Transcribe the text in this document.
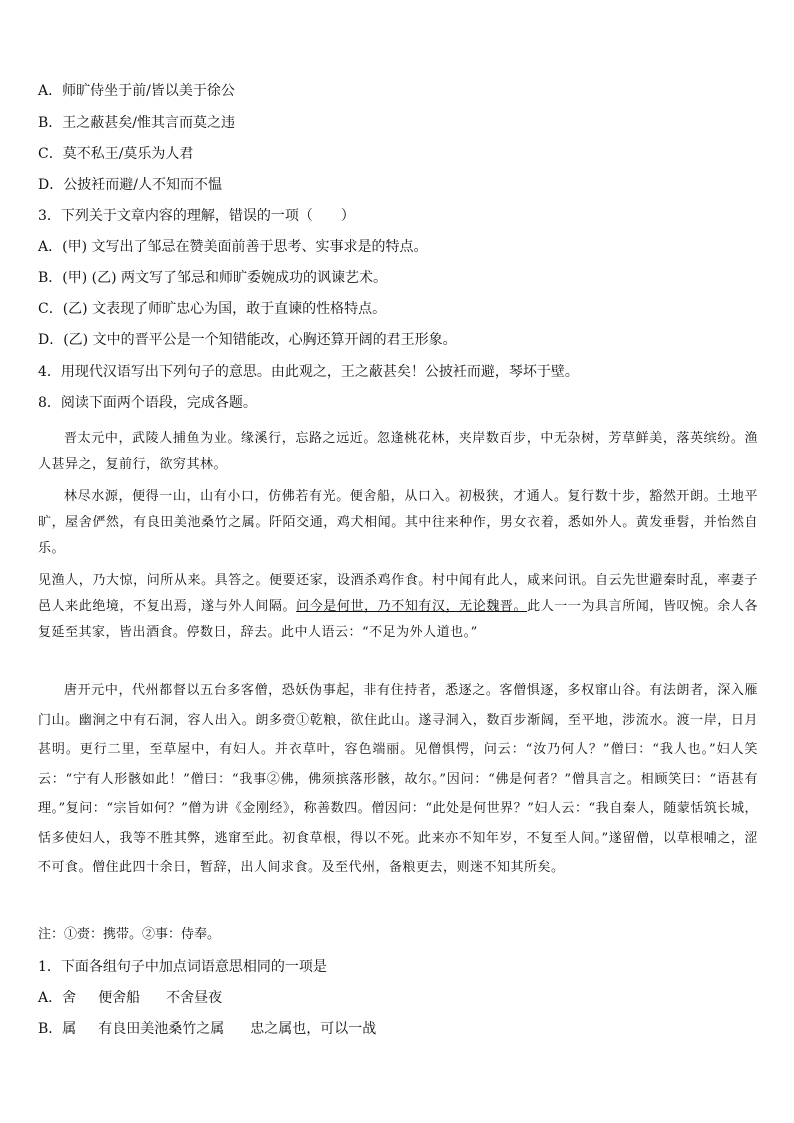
A．师旷侍坐于前/皆以美于徐公
B．王之蔽甚矣/惟其言而莫之违
C．莫不私王/莫乐为人君
D．公披衽而避/人不知而不愠
3．下列关于文章内容的理解，错误的一项（　　）
A．(甲) 文写出了邹忌在赞美面前善于思考、实事求是的特点。
B．(甲) (乙) 两文写了邹忌和师旷委婉成功的讽谏艺术。
C．(乙) 文表现了师旷忠心为国，敢于直谏的性格特点。
D．(乙) 文中的晋平公是一个知错能改，心胸还算开阔的君王形象。
4．用现代汉语写出下列句子的意思。由此观之，王之蔽甚矣！公披衽而避，琴坏于壁。
8．阅读下面两个语段，完成各题。

晋太元中，武陵人捕鱼为业。缘溪行，忘路之远近。忽逢桃花林，夹岸数百步，中无杂树，芳草鲜美，落英缤纷。渔人甚异之，复前行，欲穷其林。

林尽水源，便得一山，山有小口，仿佛若有光。便舍船，从口入。初极狭，才通人。复行数十步，豁然开朗。土地平旷，屋舍俨然，有良田美池桑竹之属。阡陌交通，鸡犬相闻。其中往来种作，男女衣着，悉如外人。黄发垂髫，并怡然自乐。

见渔人，乃大惊，问所从来。具答之。便要还家，设酒杀鸡作食。村中闻有此人，咸来问讯。自云先世避秦时乱，率妻子邑人来此绝境，不复出焉，遂与外人间隔。问今是何世，乃不知有汉，无论魏晋。此人一一为具言所闻，皆叹惋。余人各复延至其家，皆出酒食。停数日，辞去。此中人语云：“不足为外人道也。”

唐开元中，代州都督以五台多客僧，恐妖伪事起，非有住持者，悉逐之。客僧惧逐，多权窜山谷。有法朗者，深入雁门山。幽涧之中有石洞，容人出入。朗多赍①乾粮，欲住此山。遂寻洞入，数百步渐阔，至平地，涉流水。渡一岸，日月甚明。更行二里，至草屋中，有妇人。并衣草叶，容色端丽。见僧惧愕，问云：“汝乃何人？”僧曰：“我人也。”妇人笑云：“宁有人形骸如此！”僧曰：“我事②佛，佛须摈落形骸，故尔。”因问：“佛是何者？”僧具言之。相顾笑曰：“语甚有理。”复问：“宗旨如何？”僧为讲《金刚经》，称善数四。僧因问：“此处是何世界？”妇人云：“我自秦人，随蒙恬筑长城，恬多使妇人，我等不胜其弊，逃窜至此。初食草根，得以不死。此来亦不知年岁，不复至人间。”遂留僧，以草根哺之，涩不可食。僧住此四十余日，暂辞，出人间求食。及至代州，备粮更去，则迷不知其所矣。

注：①赍：携带。②事：侍奉。
1．下面各组句子中加点词语意思相同的一项是
A．舍 便舍船 不舍昼夜
B．属 有良田美池桑竹之属 忠之属也，可以一战
